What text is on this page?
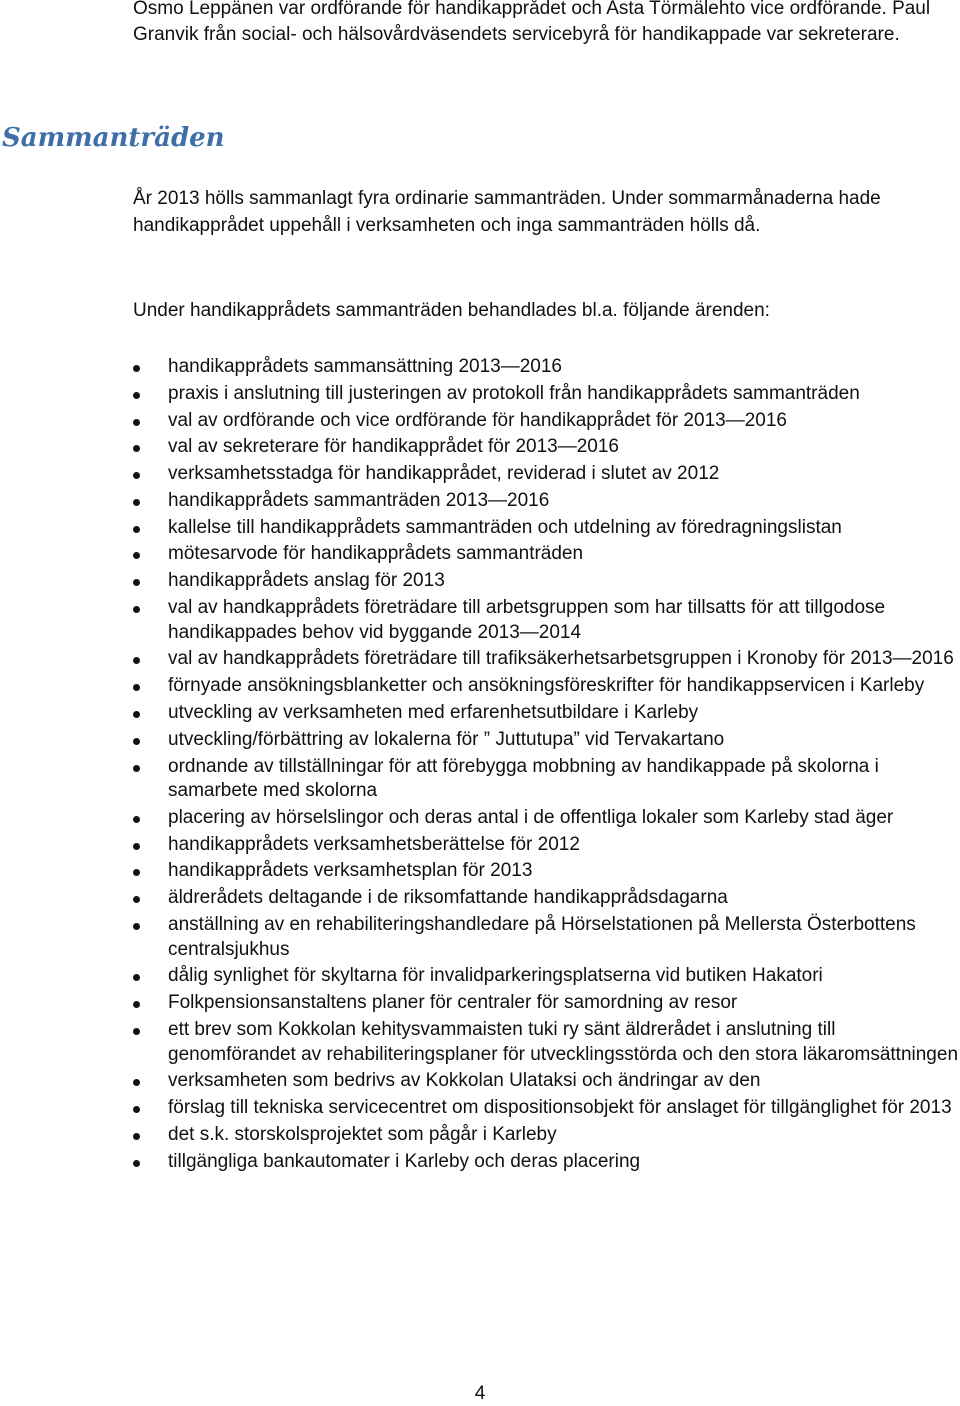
Osmo Leppänen var ordförande för handikapprådet och Asta Törmälehto vice ordförande. Paul Granvik från social- och hälsovårdväsendets servicebyrå för handikappade var sekreterare.

Sammanträden

År 2013 hölls sammanlagt fyra ordinarie sammanträden. Under sommarmånaderna hade handikapprådet uppehåll i verksamheten och inga sammanträden hölls då.

Under handikapprådets sammanträden behandlades bl.a. följande ärenden:

handikapprådets sammansättning 2013—2016
praxis i anslutning till justeringen av protokoll från handikapprådets sammanträden
val av ordförande och vice ordförande för handikapprådet för 2013—2016
val av sekreterare för handikapprådet för 2013—2016
verksamhetsstadga för handikapprådet, reviderad i slutet av 2012
handikapprådets sammanträden 2013—2016
kallelse till handikapprådets sammanträden och utdelning av föredragningslistan
mötesarvode för handikapprådets sammanträden
handikapprådets anslag för 2013
val av handkapprådets företrädare till arbetsgruppen som har tillsatts för att tillgodose handikappades behov vid byggande 2013—2014
val av handkapprådets företrädare till trafiksäkerhetsarbetsgruppen i Kronoby för 2013—2016
förnyade ansökningsblanketter och ansökningsföreskrifter för handikappservicen i Karleby
utveckling av verksamheten med erfarenhetsutbildare i Karleby
utveckling/förbättring av lokalerna för ” Juttutupa” vid Tervakartano
ordnande av tillställningar för att förebygga mobbning av handikappade på skolorna i samarbete med skolorna
placering av hörselslingor och deras antal i de offentliga lokaler som Karleby stad äger
handikapprådets verksamhetsberättelse för 2012
handikapprådets verksamhetsplan för 2013
äldrerådets deltagande i de riksomfattande handikapprådsdagarna
anställning av en rehabiliteringshandledare på Hörselstationen på Mellersta Österbottens centralsjukhus
dålig synlighet för skyltarna för invalidparkeringsplatserna vid butiken Hakatori
Folkpensionsanstaltens planer för centraler för samordning av resor
ett brev som Kokkolan kehitysvammaisten tuki ry sänt äldrerådet i anslutning till genomförandet av rehabiliteringsplaner för utvecklingsstörda och den stora läkaromsättningen
verksamheten som bedrivs av Kokkolan Ulataksi och ändringar av den
förslag till tekniska servicecentret om dispositionsobjekt för anslaget för tillgänglighet för 2013
det s.k. storskolsprojektet som pågår i Karleby
tillgängliga bankautomater i Karleby och deras placering
4
